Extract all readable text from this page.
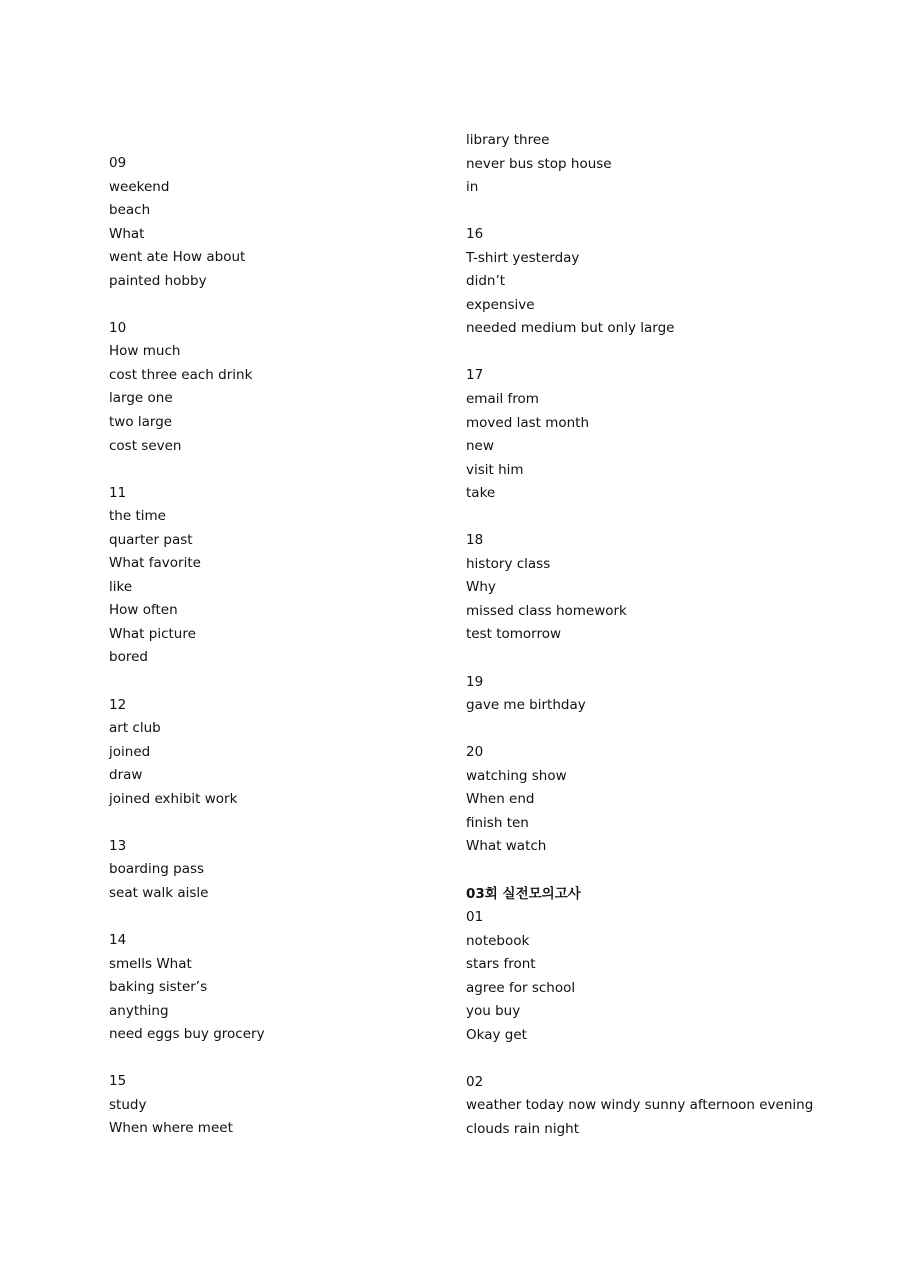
09
weekend
beach
What
went ate How about
painted hobby
10
How much
cost three each drink
large one
two large
cost seven
11
the time
quarter past
What favorite
like
How often
What picture
bored
12
art club
joined
draw
joined exhibit work
13
boarding pass
seat walk aisle
14
smells What
baking sister’s
anything
need eggs buy grocery
15
study
When where meet
library three
never bus stop house
in
16
T-shirt yesterday
didn’t
expensive
needed medium but only large
17
email from
moved last month
new
visit him
take
18
history class
Why
missed class homework
test tomorrow
19
gave me birthday
20
watching show
When end
finish ten
What watch
03회 실전모의고사
01
notebook
stars front
agree for school
you buy
Okay get
02
weather today now windy sunny afternoon evening
clouds rain night
